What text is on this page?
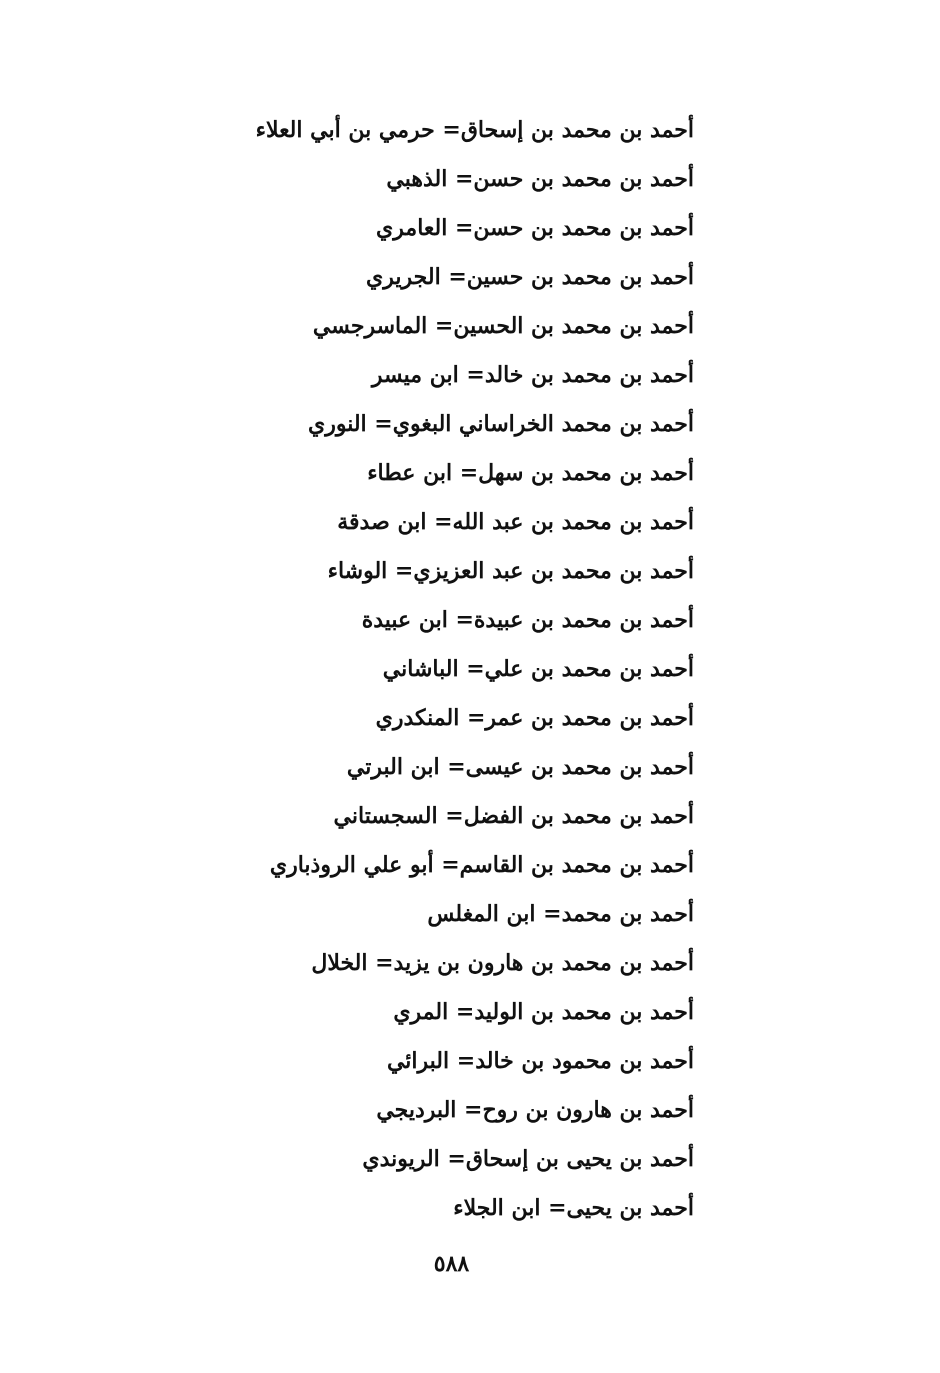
أحمد بن محمد بن إسحاق= حرمي بن أبي العلاء
أحمد بن محمد بن حسن= الذهبي
أحمد بن محمد بن حسن= العامري
أحمد بن محمد بن حسين= الجريري
أحمد بن محمد بن الحسين= الماسرجسي
أحمد بن محمد بن خالد= ابن ميسر
أحمد بن محمد الخراساني البغوي= النوري
أحمد بن محمد بن سهل= ابن عطاء
أحمد بن محمد بن عبد الله= ابن صدقة
أحمد بن محمد بن عبد العزيزي= الوشاء
أحمد بن محمد بن عبيدة= ابن عبيدة
أحمد بن محمد بن علي= الباشاني
أحمد بن محمد بن عمر= المنكدري
أحمد بن محمد بن عيسى= ابن البرتي
أحمد بن محمد بن الفضل= السجستاني
أحمد بن محمد بن القاسم= أبو علي الروذباري
أحمد بن محمد= ابن المغلس
أحمد بن محمد بن هارون بن يزيد= الخلال
أحمد بن محمد بن الوليد= المري
أحمد بن محمود بن خالد= البرائي
أحمد بن هارون بن روح= البرديجي
أحمد بن يحيى بن إسحاق= الريوندي
أحمد بن يحيى= ابن الجلاء
٥٨٨
